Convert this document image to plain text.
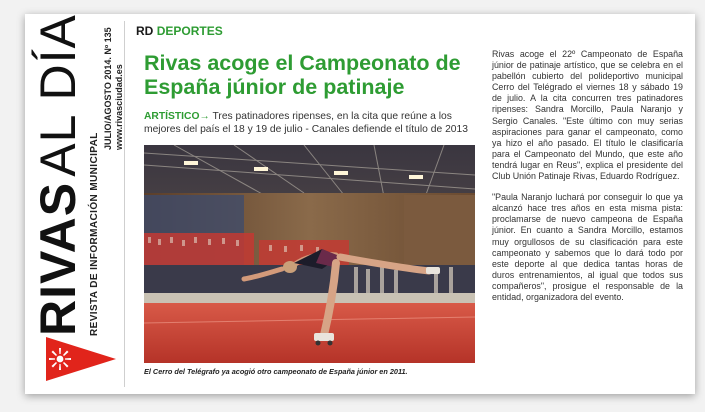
RIVAS AL DÍA
REVISTA DE INFORMACIÓN MUNICIPAL
JULIO/AGOSTO 2014. Nº 135 www.rivasciudad.es
RD DEPORTES
Rivas acoge el Campeonato de España júnior de patinaje
ARTÍSTICO→ Tres patinadores ripenses, en la cita que reúne a los mejores del país el 18 y 19 de julio - Canales defiende el título de 2013
El Cerro del Telégrafo ya acogió otro campeonato de España júnior en 2011.

Rivas acoge el 22º Campeonato de España júnior de patinaje artístico, que se celebra en el pabellón cubierto del polideportivo municipal Cerro del Telégrado el viernes 18 y sábado 19 de julio. A la cita concurren tres patinadores ripenses: Sandra Morcillo, Paula Naranjo y Sergio Canales. "Este último con muy serias aspiraciones para ganar el campeonato, como ya hizo el año pasado. El título le clasificaría para el Campeonato del Mundo, que este año tendrá lugar en Reus", explica el presidente del Club Unión Patinaje Rivas, Eduardo Rodríguez.

"Paula Naranjo luchará por conseguir lo que ya alcanzó hace tres años en esta misma pista: proclamarse de nuevo campeona de España júnior. En cuanto a Sandra Morcillo, estamos muy orgullosos de su clasificación para este campeonato y sabemos que lo dará todo por este deporte al que dedica tantas horas de duros entrenamientos, al igual que todos sus compañeros", prosigue el responsable de la entidad, organizadora del evento.
